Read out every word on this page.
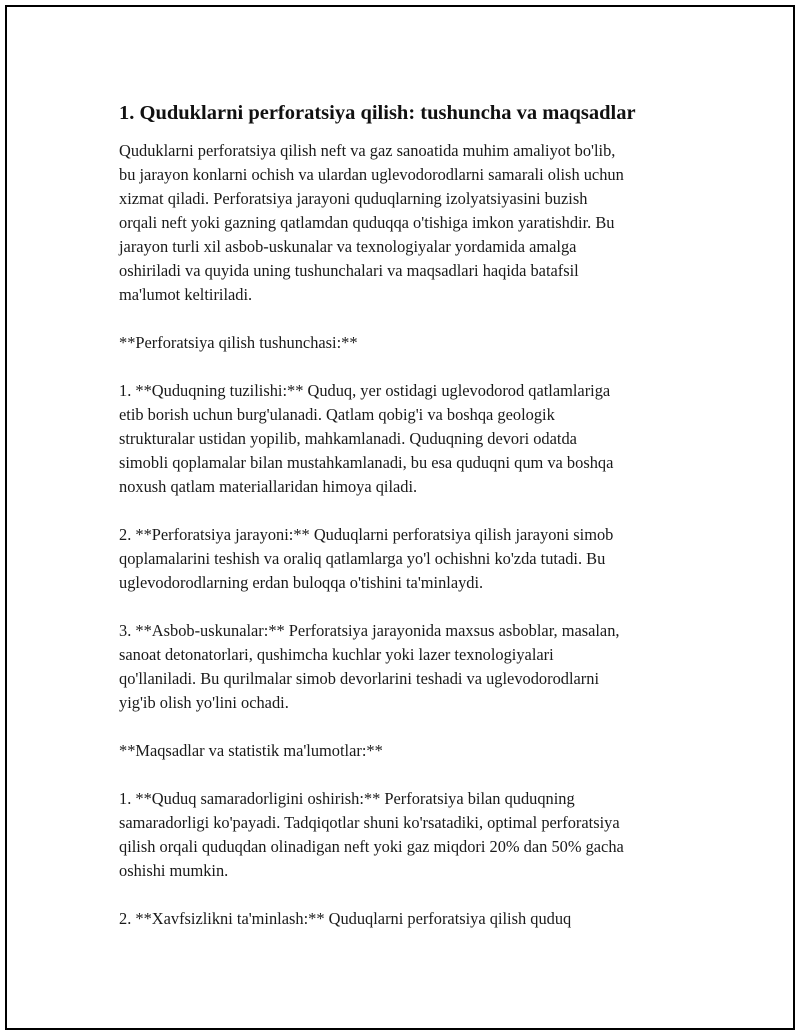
1. Quduklarni perforatsiya qilish: tushuncha va maqsadlar

Quduklarni perforatsiya qilish neft va gaz sanoatida muhim amaliyot bo'lib,
bu jarayon konlarni ochish va ulardan uglevodorodlarni samarali olish uchun
xizmat qiladi. Perforatsiya jarayoni quduqlarning izolyatsiyasini buzish
orqali neft yoki gazning qatlamdan quduqqa o'tishiga imkon yaratishdir. Bu
jarayon turli xil asbob-uskunalar va texnologiyalar yordamida amalga
oshiriladi va quyida uning tushunchalari va maqsadlari haqida batafsil
ma'lumot keltiriladi.

**Perforatsiya qilish tushunchasi:**

1. **Quduqning tuzilishi:** Quduq, yer ostidagi uglevodorod qatlamlariga
etib borish uchun burg'ulanadi. Qatlam qobig'i va boshqa geologik
strukturalar ustidan yopilib, mahkamlanadi. Quduqning devori odatda
simobli qoplamalar bilan mustahkamlanadi, bu esa quduqni qum va boshqa
noxush qatlam materiallaridan himoya qiladi.

2. **Perforatsiya jarayoni:** Quduqlarni perforatsiya qilish jarayoni simob
qoplamalarini teshish va oraliq qatlamlarga yo'l ochishni ko'zda tutadi. Bu
uglevodorodlarning erdan buloqqa o'tishini ta'minlaydi.

3. **Asbob-uskunalar:** Perforatsiya jarayonida maxsus asboblar, masalan,
sanoat detonatorlari, qushimcha kuchlar yoki lazer texnologiyalari
qo'llaniladi. Bu qurilmalar simob devorlarini teshadi va uglevodorodlarni
yig'ib olish yo'lini ochadi.

**Maqsadlar va statistik ma'lumotlar:**

1. **Quduq samaradorligini oshirish:** Perforatsiya bilan quduqning
samaradorligi ko'payadi. Tadqiqotlar shuni ko'rsatadiki, optimal perforatsiya
qilish orqali quduqdan olinadigan neft yoki gaz miqdori 20% dan 50% gacha
oshishi mumkin.

2. **Xavfsizlikni ta'minlash:** Quduqlarni perforatsiya qilish quduq
